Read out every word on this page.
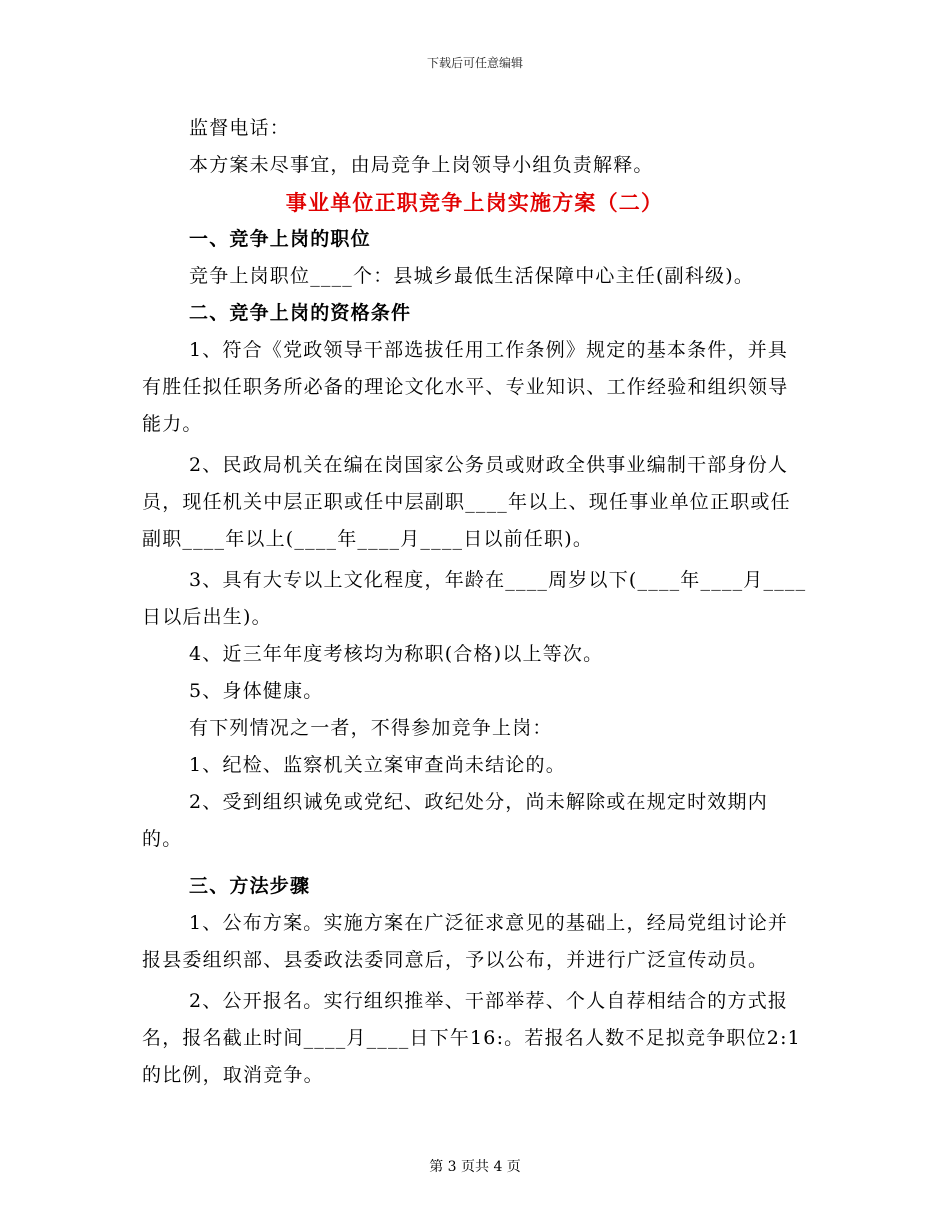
下载后可任意编辑

监督电话：

本方案未尽事宜，由局竞争上岗领导小组负责解释。

事业单位正职竞争上岗实施方案（二）

一、竞争上岗的职位

竞争上岗职位____个：县城乡最低生活保障中心主任(副科级)。

二、竞争上岗的资格条件

1、符合《党政领导干部选拔任用工作条例》规定的基本条件，并具有胜任拟任职务所必备的理论文化水平、专业知识、工作经验和组织领导能力。

2、民政局机关在编在岗国家公务员或财政全供事业编制干部身份人员，现任机关中层正职或任中层副职____年以上、现任事业单位正职或任副职____年以上(____年____月____日以前任职)。

3、具有大专以上文化程度，年龄在____周岁以下(____年____月____日以后出生)。

4、近三年年度考核均为称职(合格)以上等次。

5、身体健康。

有下列情况之一者，不得参加竞争上岗：

1、纪检、监察机关立案审查尚未结论的。

2、受到组织诫免或党纪、政纪处分，尚未解除或在规定时效期内的。

三、方法步骤

1、公布方案。实施方案在广泛征求意见的基础上，经局党组讨论并报县委组织部、县委政法委同意后，予以公布，并进行广泛宣传动员。

2、公开报名。实行组织推举、干部举荐、个人自荐相结合的方式报名，报名截止时间____月____日下午16:。若报名人数不足拟竞争职位2:1的比例，取消竞争。

第 3 页共 4 页
